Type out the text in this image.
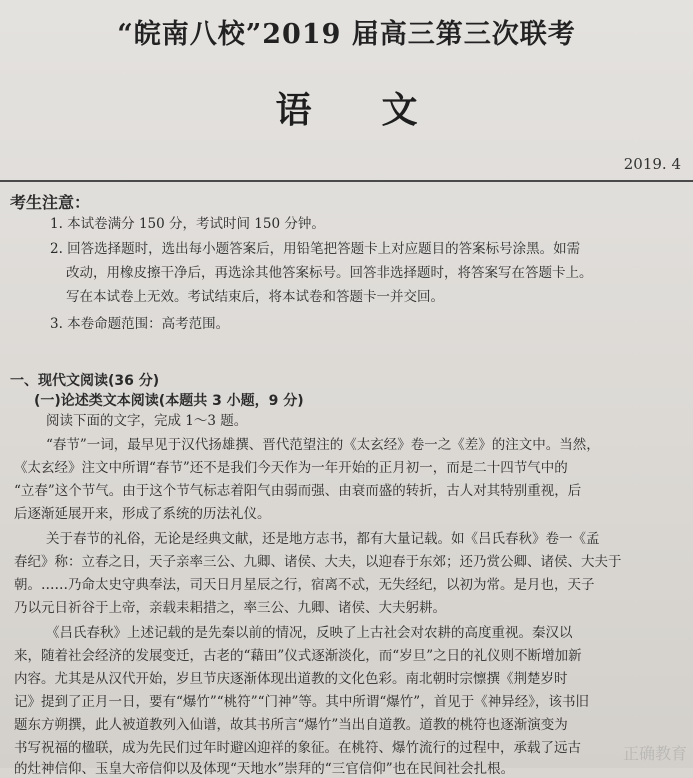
“皖南八校”2019 届高三第三次联考
语文
2019. 4
考生注意：
1. 本试卷满分 150 分，考试时间 150 分钟。
2. 回答选择题时，选出每小题答案后，用铅笔把答题卡上对应题目的答案标号涂黑。如需
改动，用橡皮擦干净后，再选涂其他答案标号。回答非选择题时，将答案写在答题卡上。
写在本试卷上无效。考试结束后，将本试卷和答题卡一并交回。
3. 本卷命题范围：高考范围。
一、现代文阅读(36 分)
(一)论述类文本阅读(本题共 3 小题，9 分)
阅读下面的文字，完成 1～3 题。
“春节”一词，最早见于汉代扬雄撰、晋代范望注的《太玄经》卷一之《差》的注文中。当然，
《太玄经》注文中所谓“春节”还不是我们今天作为一年开始的正月初一，而是二十四节气中的
“立春”这个节气。由于这个节气标志着阳气由弱而强、由衰而盛的转折，古人对其特别重视，后
后逐渐延展开来，形成了系统的历法礼仪。
关于春节的礼俗，无论是经典文献，还是地方志书，都有大量记载。如《吕氏春秋》卷一《孟
春纪》称：立春之日，天子亲率三公、九卿、诸侯、大夫，以迎春于东郊；还乃赏公卿、诸侯、大夫于
朝。……乃命太史守典奉法，司天日月星辰之行，宿离不忒，无失经纪，以初为常。是月也，天子
乃以元日祈谷于上帝，亲载耒耜措之，率三公、九卿、诸侯、大夫躬耕。
《吕氏春秋》上述记载的是先秦以前的情况，反映了上古社会对农耕的高度重视。秦汉以
来，随着社会经济的发展变迁，古老的“藉田”仪式逐渐淡化，而“岁旦”之日的礼仪则不断增加新
内容。尤其是从汉代开始，岁旦节庆逐渐体现出道教的文化色彩。南北朝时宗懔撰《荆楚岁时
记》提到了正月一日，要有“爆竹”“桃符”“门神”等。其中所谓“爆竹”，首见于《神异经》，该书旧
题东方朔撰，此人被道教列入仙谱，故其书所言“爆竹”当出自道教。道教的桃符也逐渐演变为
书写祝福的楹联，成为先民们过年时避凶迎祥的象征。在桃符、爆竹流行的过程中，承载了远古
的灶神信仰、玉皇大帝信仰以及体现“天地水”崇拜的“三官信仰”也在民间社会扎根。
正确教育
